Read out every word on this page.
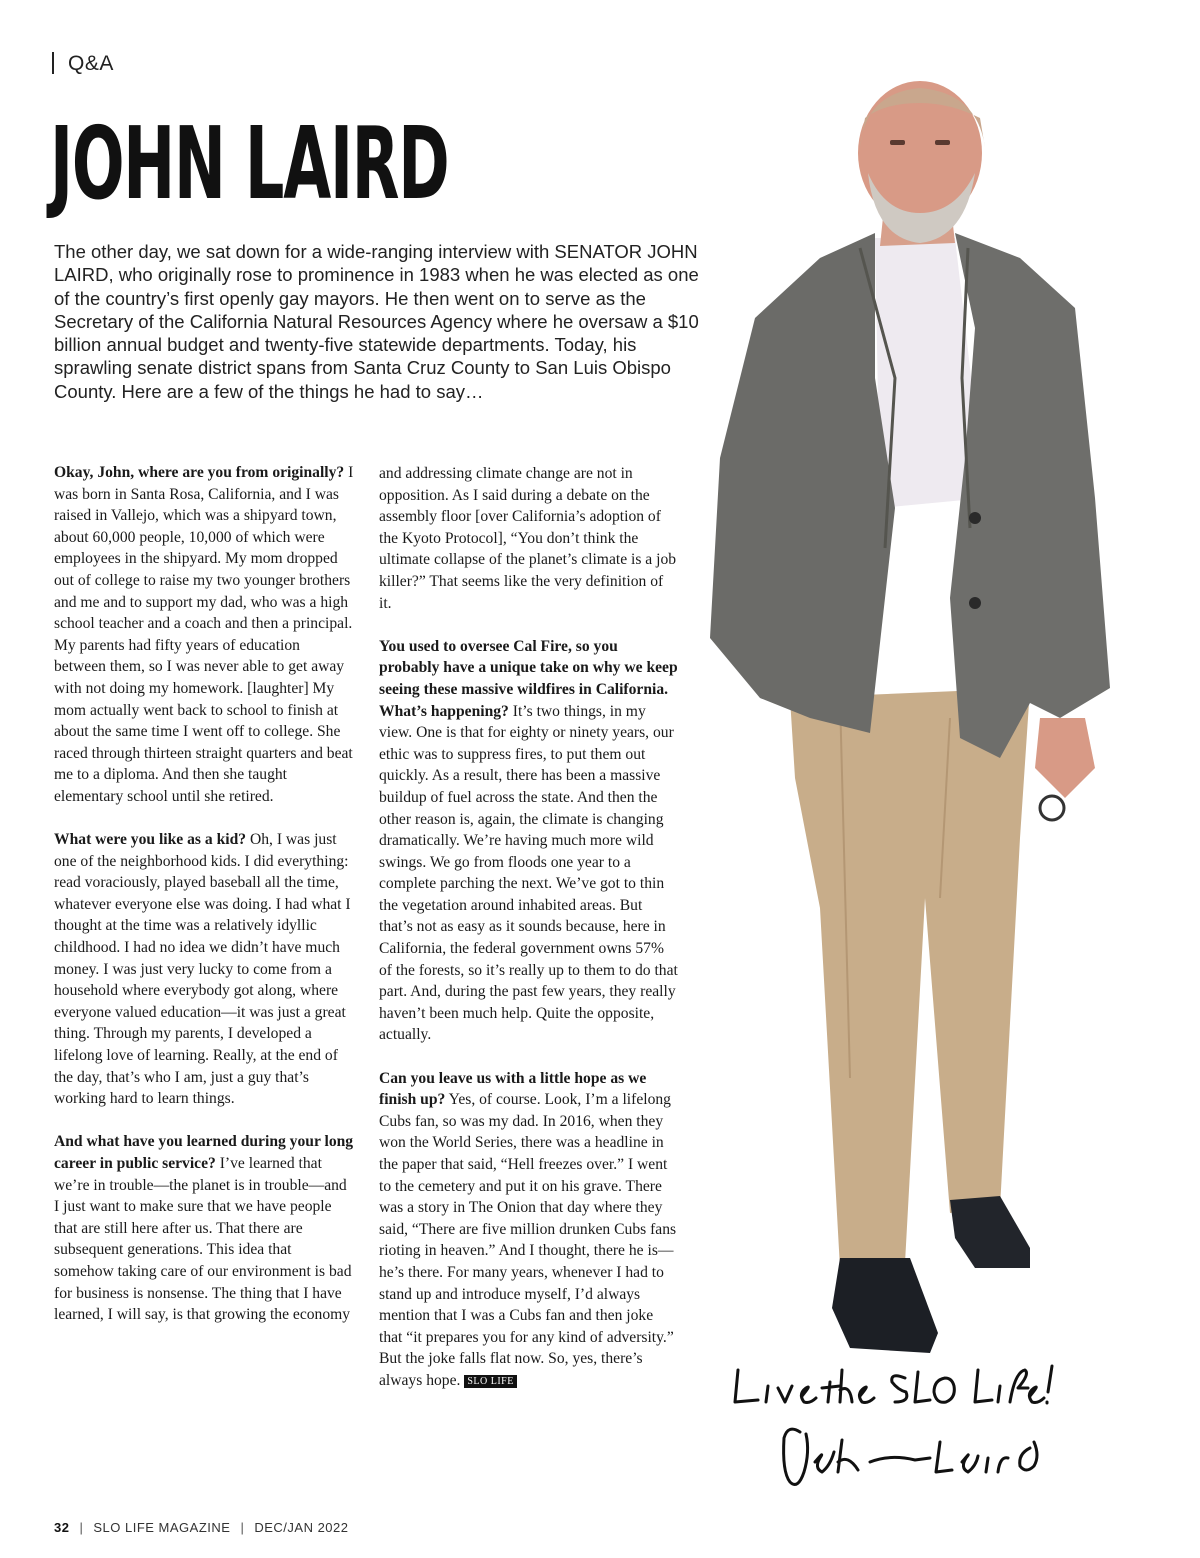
Q&A
JOHN LAIRD

The other day, we sat down for a wide-ranging interview with SENATOR JOHN LAIRD, who originally rose to prominence in 1983 when he was elected as one of the country’s first openly gay mayors. He then went on to serve as the Secretary of the California Natural Resources Agency where he oversaw a $10 billion annual budget and twenty-five statewide departments. Today, his sprawling senate district spans from Santa Cruz County to San Luis Obispo County. Here are a few of the things he had to say…

Okay, John, where are you from originally? I was born in Santa Rosa, California, and I was raised in Vallejo, which was a shipyard town, about 60,000 people, 10,000 of which were employees in the shipyard. My mom dropped out of college to raise my two younger brothers and me and to support my dad, who was a high school teacher and a coach and then a principal. My parents had fifty years of education between them, so I was never able to get away with not doing my homework. [laughter] My mom actually went back to school to finish at about the same time I went off to college. She raced through thirteen straight quarters and beat me to a diploma. And then she taught elementary school until she retired.

What were you like as a kid? Oh, I was just one of the neighborhood kids. I did everything: read voraciously, played baseball all the time, whatever everyone else was doing. I had what I thought at the time was a relatively idyllic childhood. I had no idea we didn’t have much money. I was just very lucky to come from a household where everybody got along, where everyone valued education—it was just a great thing. Through my parents, I developed a lifelong love of learning. Really, at the end of the day, that’s who I am, just a guy that’s working hard to learn things.

And what have you learned during your long career in public service? I’ve learned that we’re in trouble—the planet is in trouble—and I just want to make sure that we have people that are still here after us. That there are subsequent generations. This idea that somehow taking care of our environment is bad for business is nonsense. The thing that I have learned, I will say, is that growing the economy

and addressing climate change are not in opposition. As I said during a debate on the assembly floor [over California’s adoption of the Kyoto Protocol], “You don’t think the ultimate collapse of the planet’s climate is a job killer?” That seems like the very definition of it.

You used to oversee Cal Fire, so you probably have a unique take on why we keep seeing these massive wildfires in California. What’s happening? It’s two things, in my view. One is that for eighty or ninety years, our ethic was to suppress fires, to put them out quickly. As a result, there has been a massive buildup of fuel across the state. And then the other reason is, again, the climate is changing dramatically. We’re having much more wild swings. We go from floods one year to a complete parching the next. We’ve got to thin the vegetation around inhabited areas. But that’s not as easy as it sounds because, here in California, the federal government owns 57% of the forests, so it’s really up to them to do that part. And, during the past few years, they really haven’t been much help. Quite the opposite, actually.

Can you leave us with a little hope as we finish up? Yes, of course. Look, I’m a lifelong Cubs fan, so was my dad. In 2016, when they won the World Series, there was a headline in the paper that said, “Hell freezes over.” I went to the cemetery and put it on his grave. There was a story in The Onion that day where they said, “There are five million drunken Cubs fans rioting in heaven.” And I thought, there he is—he’s there. For many years, whenever I had to stand up and introduce myself, I’d always mention that I was a Cubs fan and then joke that “it prepares you for any kind of adversity.” But the joke falls flat now. So, yes, there’s always hope. SLO LIFE

32 | SLO LIFE MAGAZINE | DEC/JAN 2022
